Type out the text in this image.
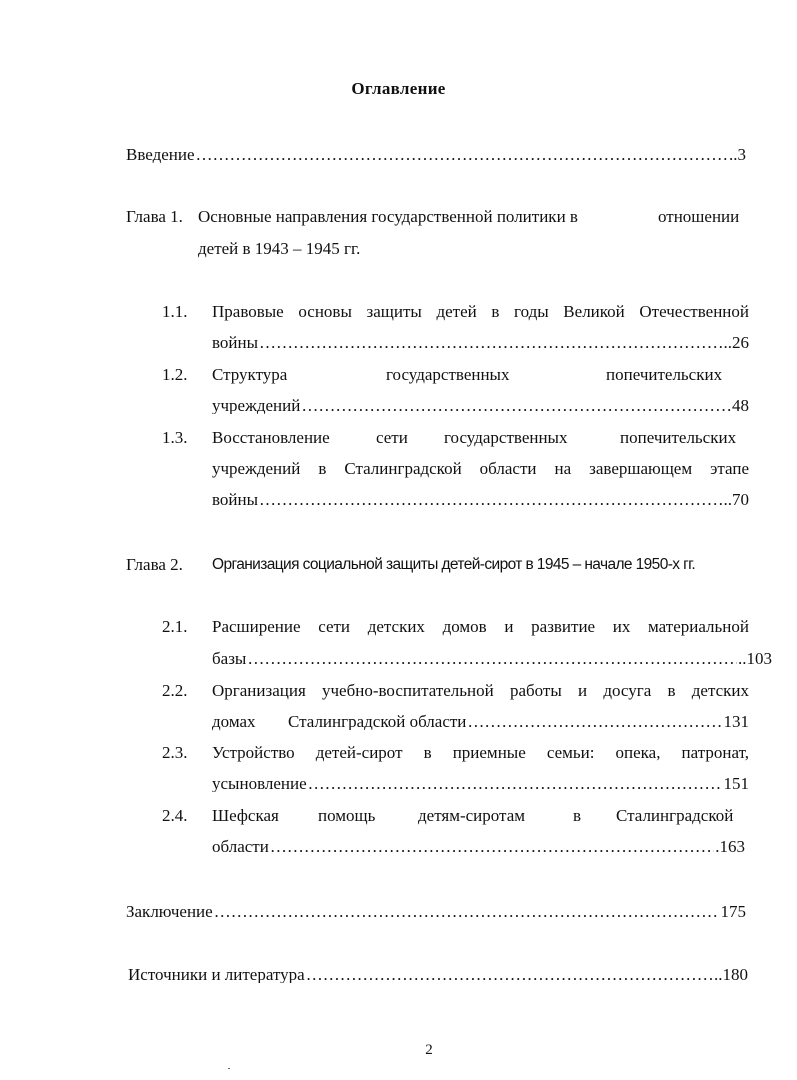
Оглавление
Введение ……………………………………………………………………………………………………………………………………………………………………	..3
Глава 1. Основные направления государственной политики в	отношении
детей в 1943 – 1945 гг.
1.1. Правовые основы защиты детей в годы Великой Отечественной
войны ……………………………………………………………………………………………………………………………………………………………………	..26
1.2. Структура	государственных	попечительских
учреждений ……………………………………………………………………………………………………………………………………………………………………	48
1.3. Восстановление	сети государственных	попечительских
учреждений в Сталинградской области на завершающем этапе
войны ……………………………………………………………………………………………………………………………………………………………………	..70
Глава 2. Организация социальной защиты детей-сирот в 1945 – начале 1950-х гг.
2.1. Расширение сети детских домов и развитие их материальной
базы ……………………………………………………………………………………………………………………………………………………………………	..103
2.2. Организация учебно-воспитательной работы и досуга в детских
домах Сталинградской области ……………………………………………………………………………………………………………………………………………………………………	131
2.3. Устройство детей-сирот в приемные семьи: опека, патронат,
усыновление ……………………………………………………………………………………………………………………………………………………………………	151
2.4. Шефская помощь	детям-сиротам	в Сталинградской
области ……………………………………………………………………………………………………………………………………………………………………	.163
Заключение ……………………………………………………………………………………………………………………………………………………………………	175
Источники и литература ……………………………………………………………………………………………………………………………………………………………………	..180
2
